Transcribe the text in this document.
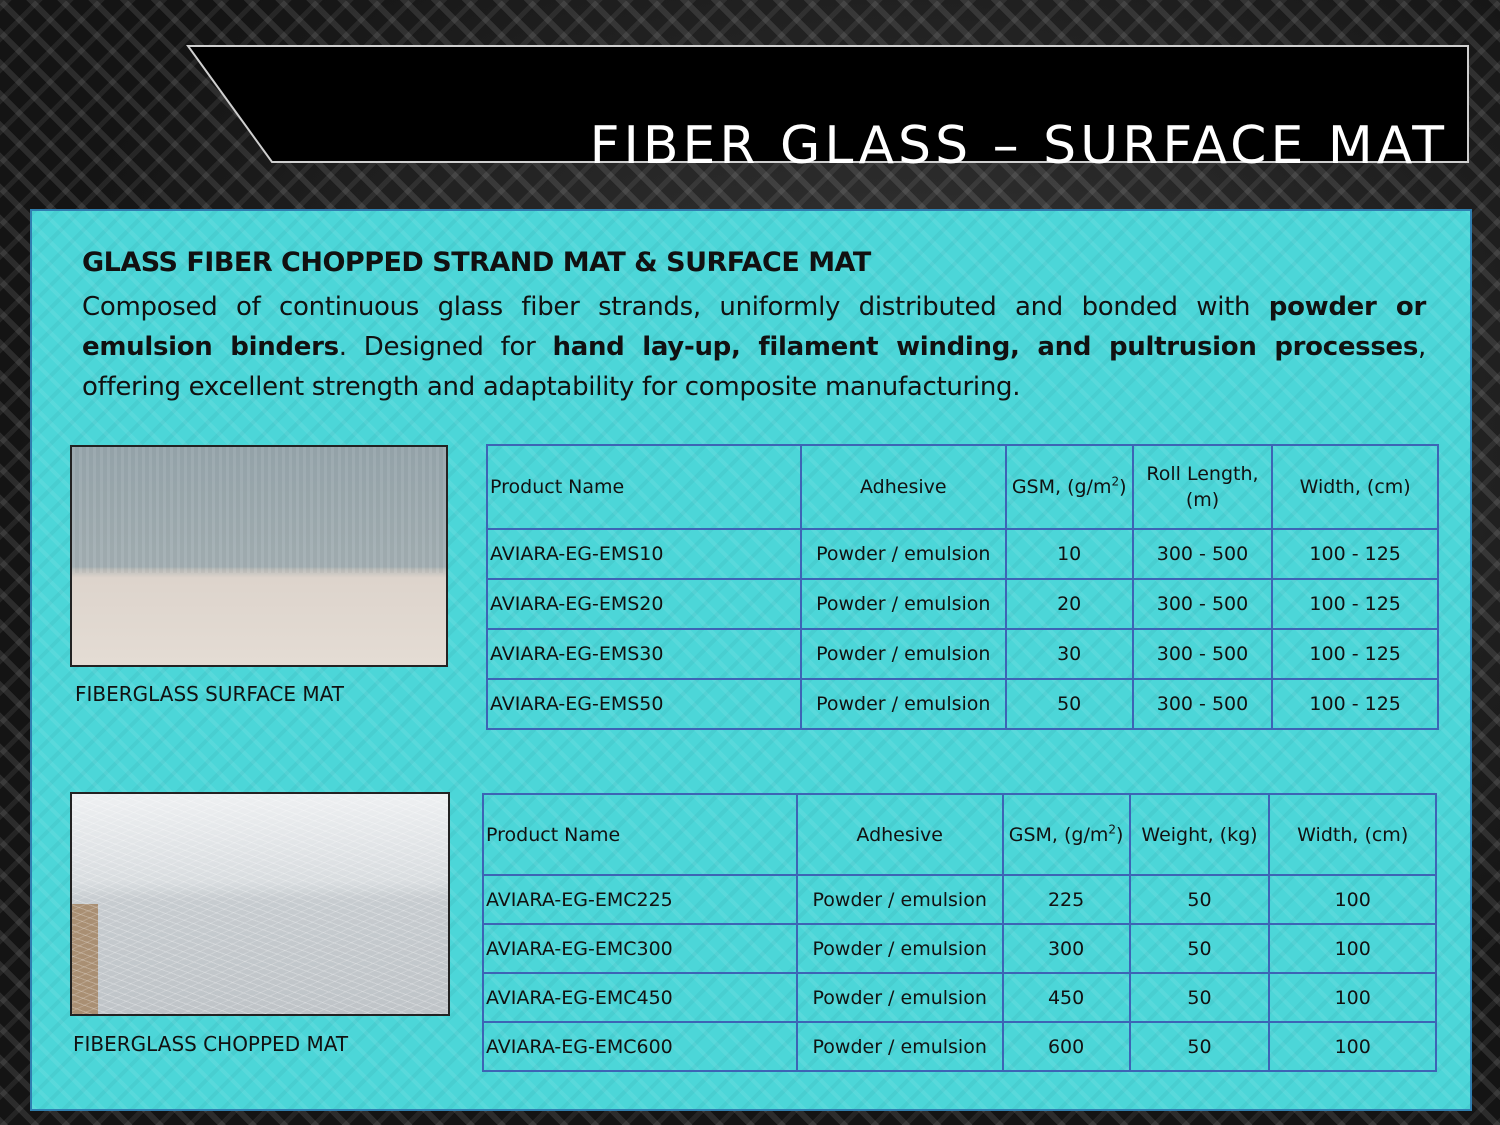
FIBER GLASS – SURFACE MAT
GLASS FIBER CHOPPED STRAND MAT & SURFACE MAT

Composed of continuous glass fiber strands, uniformly distributed and bonded with powder or emulsion binders. Designed for hand lay-up, filament winding, and pultrusion processes, offering excellent strength and adaptability for composite manufacturing.

FIBERGLASS SURFACE MAT
Product Name	Adhesive	GSM, $(g/m^2)$	Roll Length, (m)	Width, (cm)
AVIARA-EG-EMS10	Powder / emulsion	10	300 - 500	100 - 125
AVIARA-EG-EMS20	Powder / emulsion	20	300 - 500	100 - 125
AVIARA-EG-EMS30	Powder / emulsion	30	300 - 500	100 - 125
AVIARA-EG-EMS50	Powder / emulsion	50	300 - 500	100 - 125
FIBERGLASS CHOPPED MAT
Product Name	Adhesive	GSM, $(g/m^2)$	Weight, (kg)	Width, (cm)
AVIARA-EG-EMC225	Powder / emulsion	225	50	100
AVIARA-EG-EMC300	Powder / emulsion	300	50	100
AVIARA-EG-EMC450	Powder / emulsion	450	50	100
AVIARA-EG-EMC600	Powder / emulsion	600	50	100
